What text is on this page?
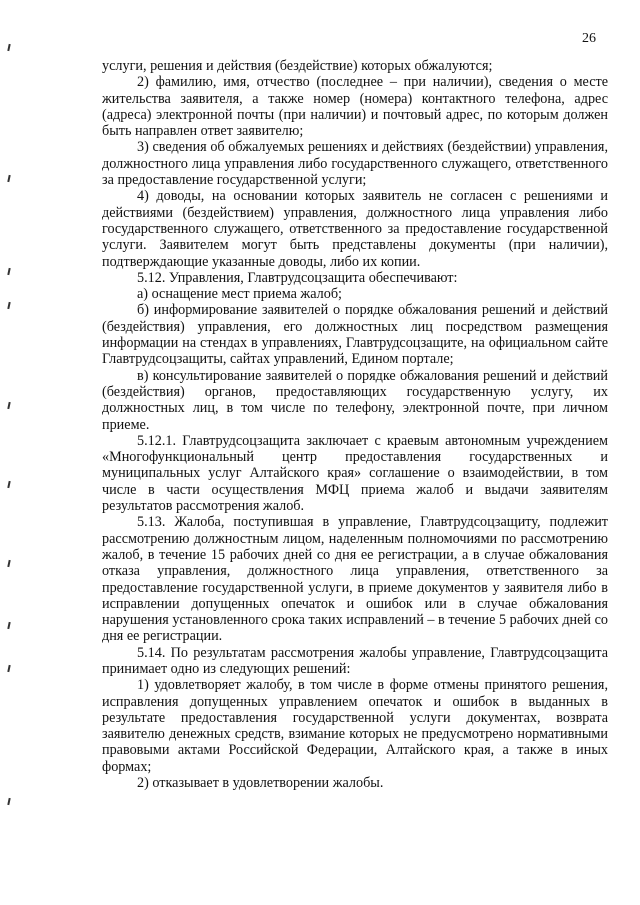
26

услуги, решения и действия (бездействие) которых обжалуются;

2) фамилию, имя, отчество (последнее – при наличии), сведения о месте жительства заявителя, а также номер (номера) контактного телефона, адрес (адреса) электронной почты (при наличии) и почтовый адрес, по которым должен быть направлен ответ заявителю;

3) сведения об обжалуемых решениях и действиях (бездействии) управления, должностного лица управления либо государственного служащего, ответственного за предоставление государственной услуги;

4) доводы, на основании которых заявитель не согласен с решениями и действиями (бездействием) управления, должностного лица управления либо государственного служащего, ответственного за предоставление государственной услуги. Заявителем могут быть представлены документы (при наличии), подтверждающие указанные доводы, либо их копии.

5.12. Управления, Главтрудсоцзащита обеспечивают:

а) оснащение мест приема жалоб;

б) информирование заявителей о порядке обжалования решений и действий (бездействия) управления, его должностных лиц посредством размещения информации на стендах в управлениях, Главтрудсоцзащите, на официальном сайте Главтрудсоцзащиты, сайтах управлений, Едином портале;

в) консультирование заявителей о порядке обжалования решений и действий (бездействия) органов, предоставляющих государственную услугу, их должностных лиц, в том числе по телефону, электронной почте, при личном приеме.

5.12.1. Главтрудсоцзащита заключает с краевым автономным учреждением «Многофункциональный центр предоставления государственных и муниципальных услуг Алтайского края» соглашение о взаимодействии, в том числе в части осуществления МФЦ приема жалоб и выдачи заявителям результатов рассмотрения жалоб.

5.13. Жалоба, поступившая в управление, Главтрудсоцзащиту, подлежит рассмотрению должностным лицом, наделенным полномочиями по рассмотрению жалоб, в течение 15 рабочих дней со дня ее регистрации, а в случае обжалования отказа управления, должностного лица управления, ответственного за предоставление государственной услуги, в приеме документов у заявителя либо в исправлении допущенных опечаток и ошибок или в случае обжалования нарушения установленного срока таких исправлений – в течение 5 рабочих дней со дня ее регистрации.

5.14. По результатам рассмотрения жалобы управление, Главтрудсоцзащита принимает одно из следующих решений:

1) удовлетворяет жалобу, в том числе в форме отмены принятого решения, исправления допущенных управлением опечаток и ошибок в выданных в результате предоставления государственной услуги документах, возврата заявителю денежных средств, взимание которых не предусмотрено нормативными правовыми актами Российской Федерации, Алтайского края, а также в иных формах;

2) отказывает в удовлетворении жалобы.
